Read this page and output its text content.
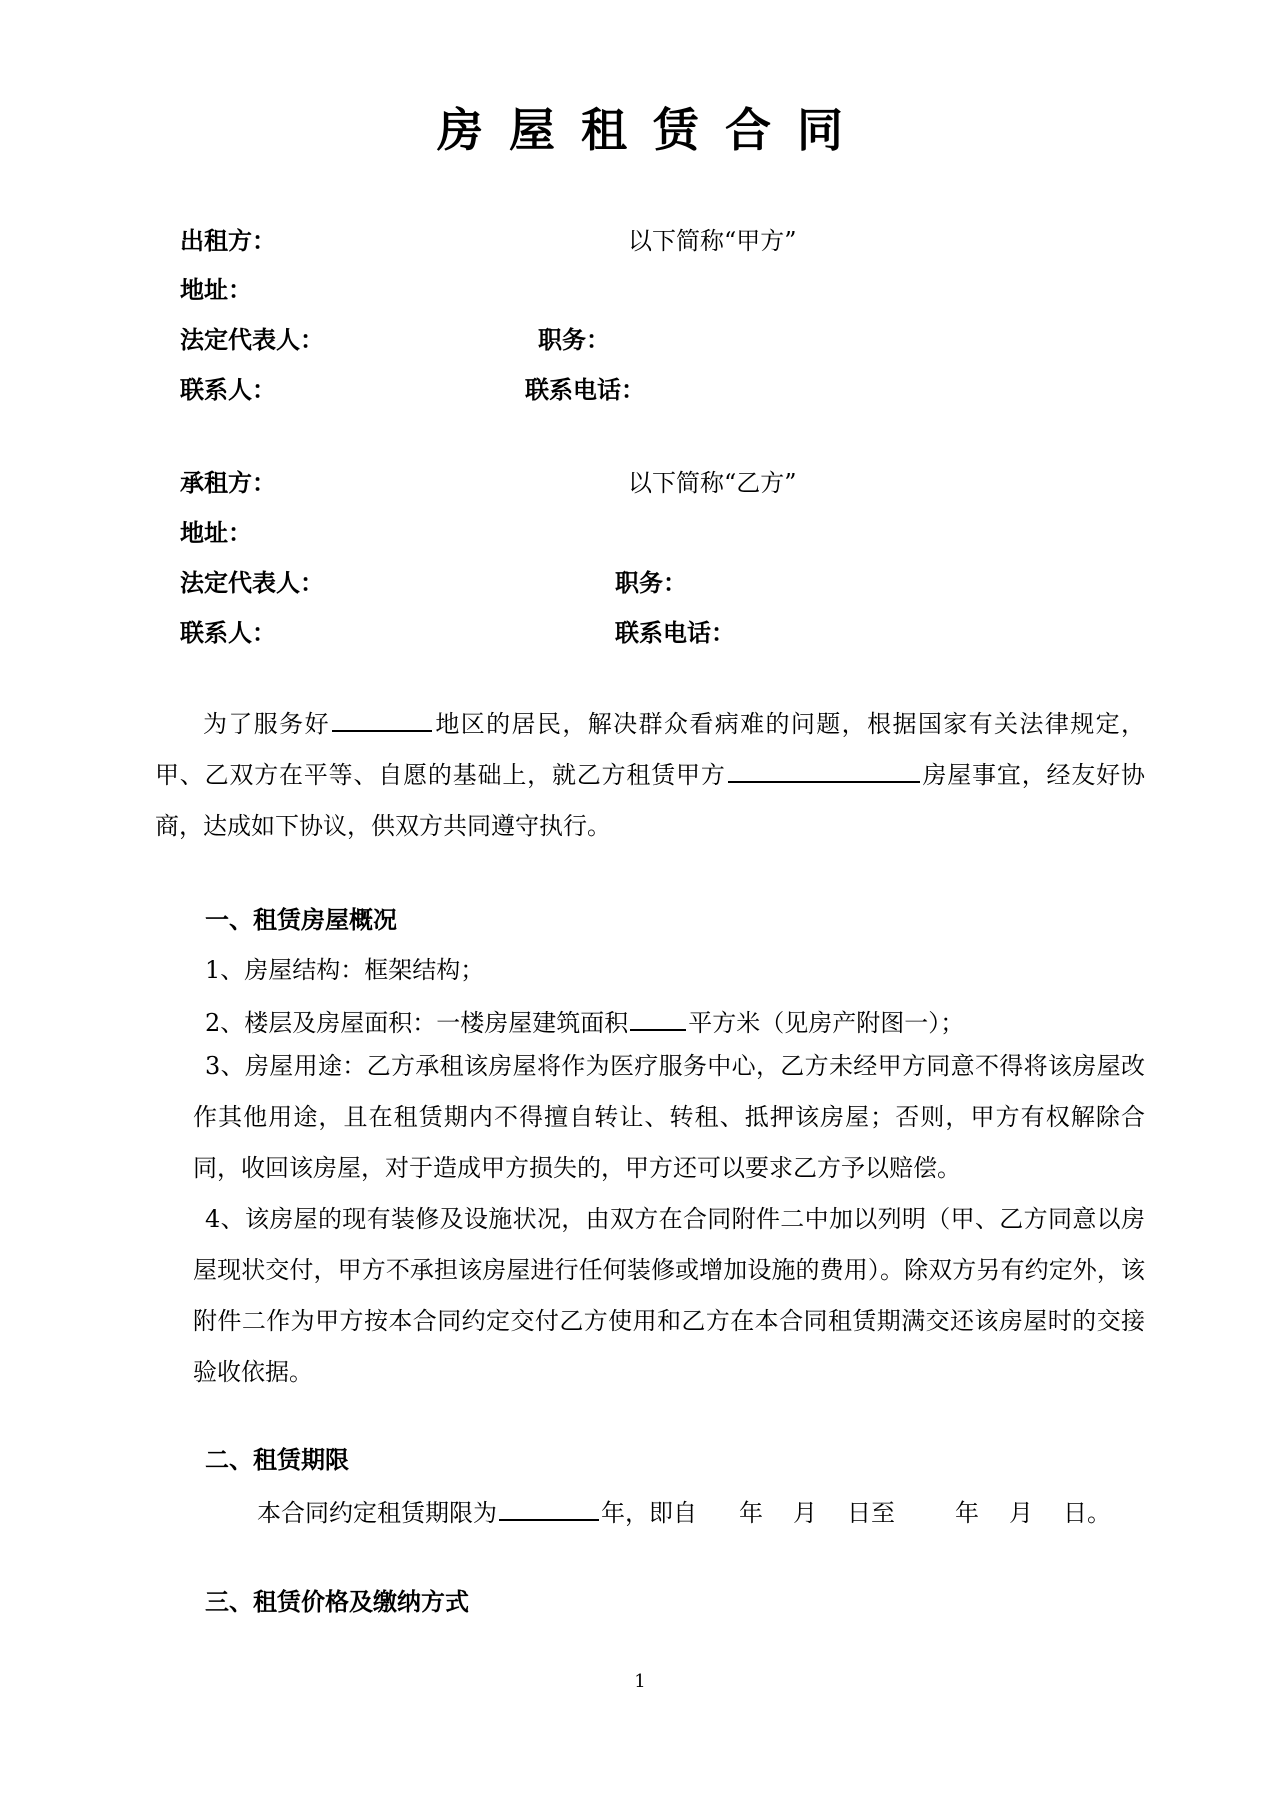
房屋租赁合同
出租方：	以下简称“甲方”
地址：
法定代表人：	职务：
联系人：	联系电话：
承租方：	以下简称“乙方”
地址：
法定代表人：	职务：
联系人：	联系电话：
为了服务好	地区的居民，解决群众看病难的问题，根据国家有关法律规定，甲、乙双方在平等、自愿的基础上，就乙方租赁甲方	房屋事宜，经友好协商，达成如下协议，供双方共同遵守执行。
一、租赁房屋概况
1、房屋结构：框架结构；
2、楼层及房屋面积：一楼房屋建筑面积	平方米（见房产附图一）；
3、房屋用途：乙方承租该房屋将作为医疗服务中心，乙方未经甲方同意不得将该房屋改作其他用途，且在租赁期内不得擅自转让、转租、抵押该房屋；否则，甲方有权解除合同，收回该房屋，对于造成甲方损失的，甲方还可以要求乙方予以赔偿。
4、该房屋的现有装修及设施状况，由双方在合同附件二中加以列明（甲、乙方同意以房屋现状交付，甲方不承担该房屋进行任何装修或增加设施的费用）。除双方另有约定外，该附件二作为甲方按本合同约定交付乙方使用和乙方在本合同租赁期满交还该房屋时的交接验收依据。
二、租赁期限
本合同约定租赁期限为	年，即自 年 月 日至	年 月 日。
三、租赁价格及缴纳方式
1
